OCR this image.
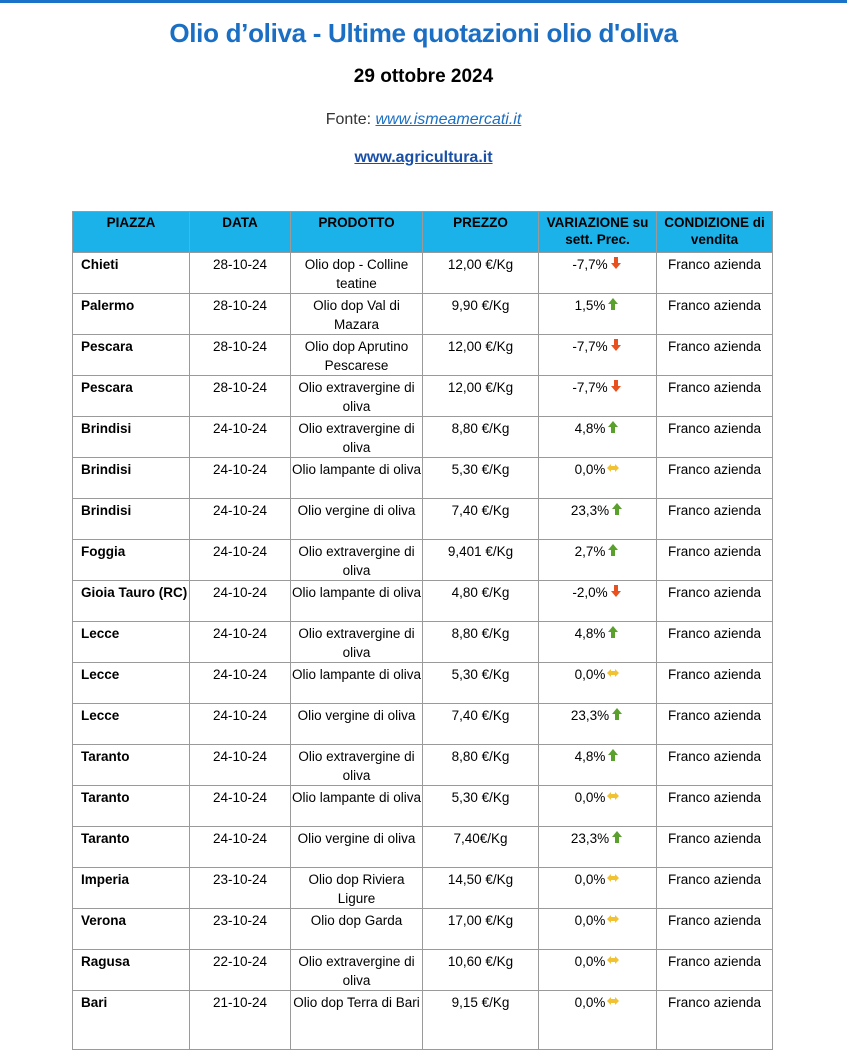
Olio d’oliva - Ultime quotazioni olio d'oliva
29 ottobre 2024
Fonte: www.ismeamercati.it
www.agricultura.it
PIAZZA	DATA	PRODOTTO	PREZZO	VARIAZIONE su sett. Prec.	CONDIZIONE di vendita
Chieti	28-10-24	Olio dop - Colline teatine	12,00 €/Kg	-7,7%	Franco azienda
Palermo	28-10-24	Olio dop Val di Mazara	9,90 €/Kg	1,5%	Franco azienda
Pescara	28-10-24	Olio dop Aprutino Pescarese	12,00 €/Kg	-7,7%	Franco azienda
Pescara	28-10-24	Olio extravergine di oliva	12,00 €/Kg	-7,7%	Franco azienda
Brindisi	24-10-24	Olio extravergine di oliva	8,80 €/Kg	4,8%	Franco azienda
Brindisi	24-10-24	Olio lampante di oliva	5,30 €/Kg	0,0%	Franco azienda
Brindisi	24-10-24	Olio vergine di oliva	7,40 €/Kg	23,3%	Franco azienda
Foggia	24-10-24	Olio extravergine di oliva	9,401 €/Kg	2,7%	Franco azienda
Gioia Tauro (RC)	24-10-24	Olio lampante di oliva	4,80 €/Kg	-2,0%	Franco azienda
Lecce	24-10-24	Olio extravergine di oliva	8,80 €/Kg	4,8%	Franco azienda
Lecce	24-10-24	Olio lampante di oliva	5,30 €/Kg	0,0%	Franco azienda
Lecce	24-10-24	Olio vergine di oliva	7,40 €/Kg	23,3%	Franco azienda
Taranto	24-10-24	Olio extravergine di oliva	8,80 €/Kg	4,8%	Franco azienda
Taranto	24-10-24	Olio lampante di oliva	5,30 €/Kg	0,0%	Franco azienda
Taranto	24-10-24	Olio vergine di oliva	7,40€/Kg	23,3%	Franco azienda
Imperia	23-10-24	Olio dop Riviera Ligure	14,50 €/Kg	0,0%	Franco azienda
Verona	23-10-24	Olio dop Garda	17,00 €/Kg	0,0%	Franco azienda
Ragusa	22-10-24	Olio extravergine di oliva	10,60 €/Kg	0,0%	Franco azienda
Bari	21-10-24	Olio dop Terra di Bari	9,15 €/Kg	0,0%	Franco azienda
